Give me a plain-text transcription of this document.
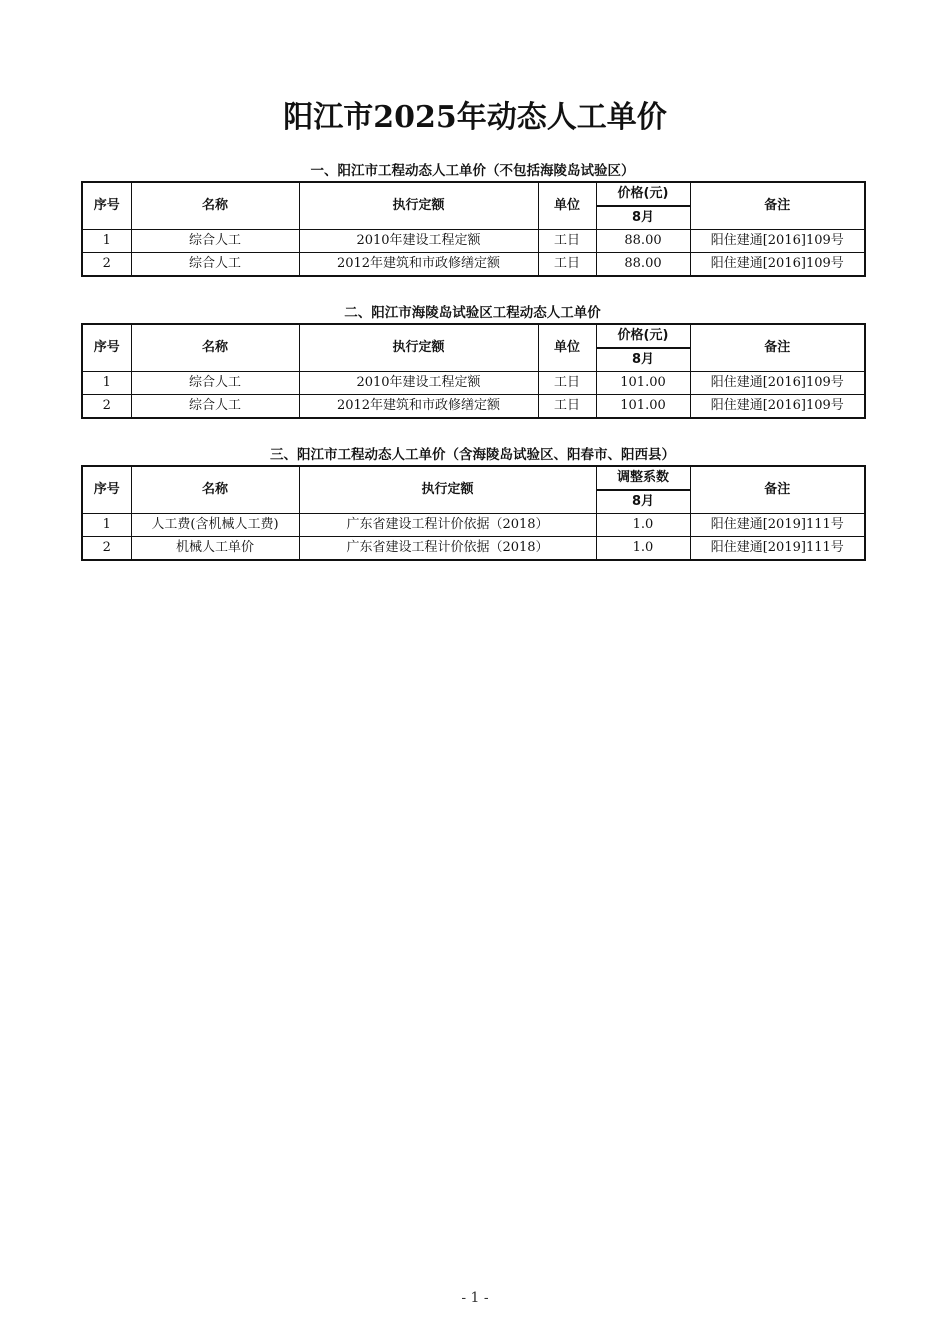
阳江市2025年动态人工单价
一、阳江市工程动态人工单价（不包括海陵岛试验区）
序号	名称	执行定额	单位	价格(元)	备注
				8月	
1	综合人工	2010年建设工程定额	工日	88.00	阳住建通[2016]109号
2	综合人工	2012年建筑和市政修缮定额	工日	88.00	阳住建通[2016]109号
二、阳江市海陵岛试验区工程动态人工单价
序号	名称	执行定额	单位	价格(元)	备注
				8月	
1	综合人工	2010年建设工程定额	工日	101.00	阳住建通[2016]109号
2	综合人工	2012年建筑和市政修缮定额	工日	101.00	阳住建通[2016]109号
三、阳江市工程动态人工单价（含海陵岛试验区、阳春市、阳西县）
序号	名称	执行定额	调整系数	备注
			8月	
1	人工费(含机械人工费)	广东省建设工程计价依据（2018）	1.0	阳住建通[2019]111号
2	机械人工单价	广东省建设工程计价依据（2018）	1.0	阳住建通[2019]111号
- 1 -
